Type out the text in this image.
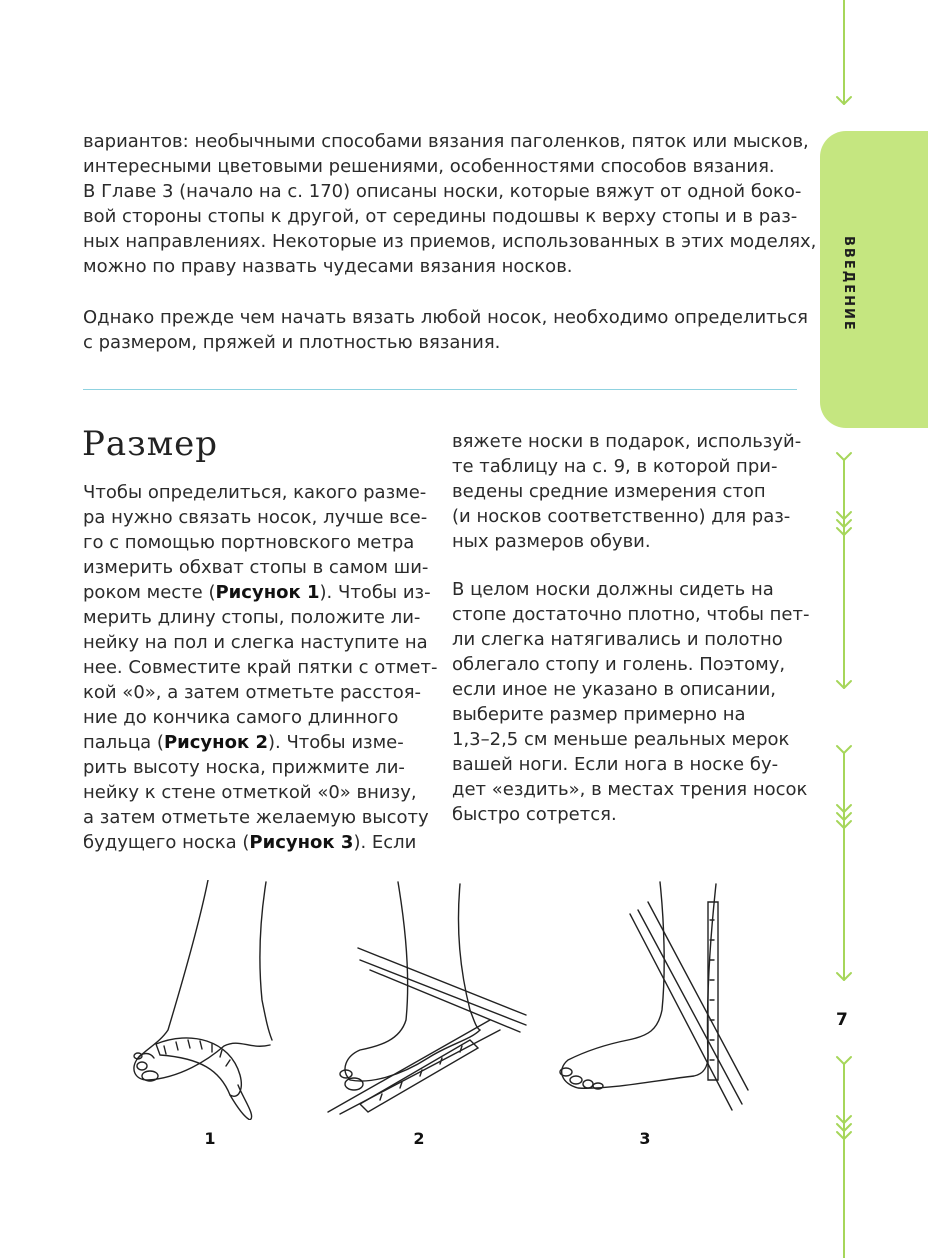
вариантов: необычными способами вязания паголенков, пяток или мысков,
интересными цветовыми решениями, особенностями способов вязания.
В Главе 3 (начало на с. 170) описаны носки, которые вяжут от одной боко-
вой стороны стопы к другой, от середины подошвы к верху стопы и в раз-
ных направлениях. Некоторые из приемов, использованных в этих моделях,
можно по праву назвать чудесами вязания носков.
Однако прежде чем начать вязать любой носок, необходимо определиться
с размером, пряжей и плотностью вязания.
Размер
Чтобы определиться, какого разме-
ра нужно связать носок, лучше все-
го с помощью портновского метра
измерить обхват стопы в самом ши-
роком месте (Рисунок 1). Чтобы из-
мерить длину стопы, положите ли-
нейку на пол и слегка наступите на
нее. Совместите край пятки с отмет-
кой «0», а затем отметьте расстоя-
ние до кончика самого длинного
пальца (Рисунок 2). Чтобы изме-
рить высоту носка, прижмите ли-
нейку к стене отметкой «0» внизу,
а затем отметьте желаемую высоту
будущего носка (Рисунок 3). Если
вяжете носки в подарок, используй-
те таблицу на с. 9, в которой при-
ведены средние измерения стоп
(и носков соответственно) для раз-
ных размеров обуви.
В целом носки должны сидеть на
стопе достаточно плотно, чтобы пет-
ли слегка натягивались и полотно
облегало стопу и голень. Поэтому,
если иное не указано в описании,
выберите размер примерно на
1,3–2,5 см меньше реальных мерок
вашей ноги. Если нога в носке бу-
дет «ездить», в местах трения носок
быстро сотрется.
ВВЕДЕНИЕ
7
1	2	3
